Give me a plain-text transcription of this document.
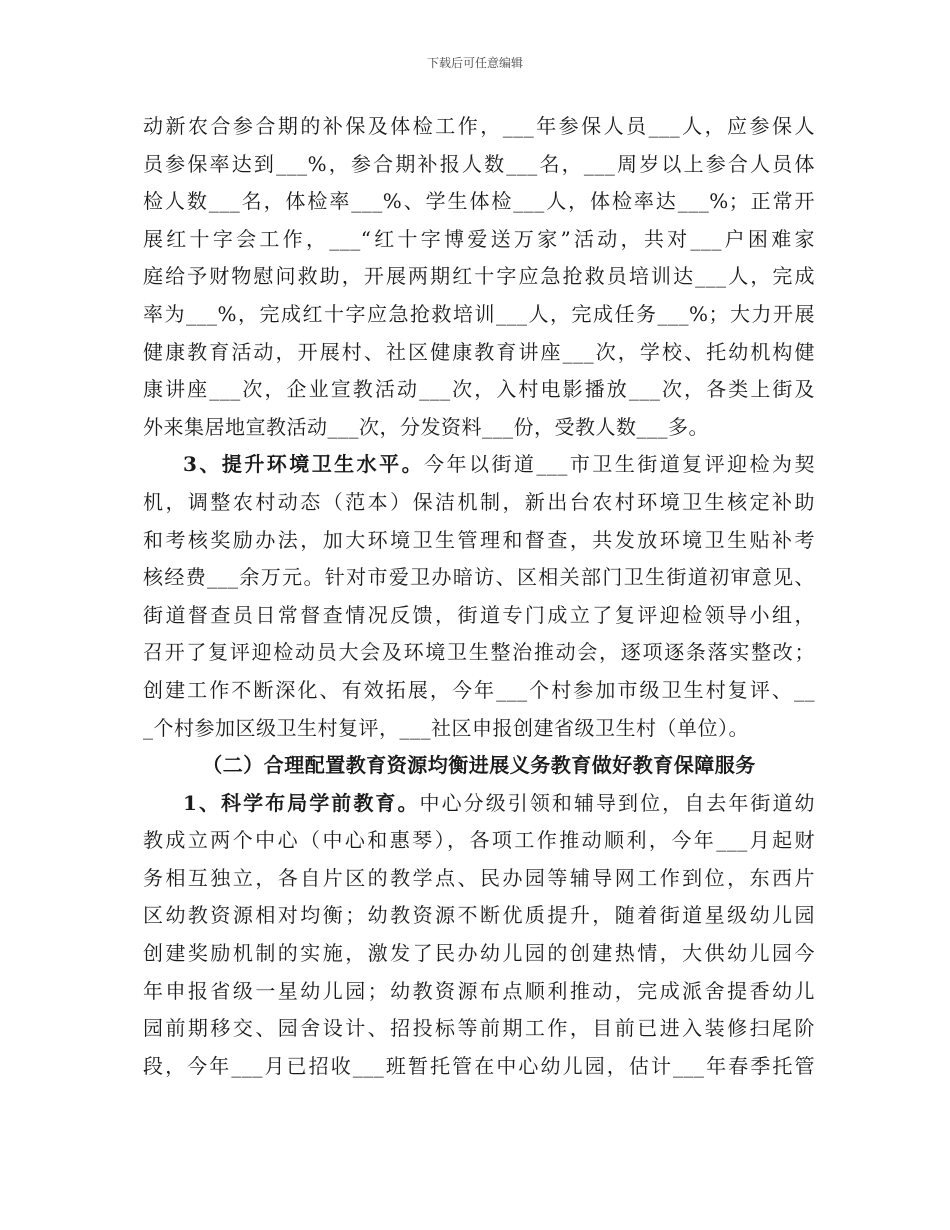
下载后可任意编辑
动新农合参合期的补保及体检工作，___年参保人员___人，应参保人
员参保率达到___%，参合期补报人数___名，___周岁以上参合人员体
检人数___名，体检率___%、学生体检___人，体检率达___%；正常开
展红十字会工作，___“红十字博爱送万家”活动，共对___户困难家
庭给予财物慰问救助，开展两期红十字应急抢救员培训达___人，完成
率为___%，完成红十字应急抢救培训___人，完成任务___%；大力开展
健康教育活动，开展村、社区健康教育讲座___次，学校、托幼机构健
康讲座___次，企业宣教活动___次，入村电影播放___次，各类上街及
外来集居地宣教活动___次，分发资料___份，受教人数___多。
3、提升环境卫生水平。今年以街道___市卫生街道复评迎检为契
机，调整农村动态（范本）保洁机制，新出台农村环境卫生核定补助
和考核奖励办法，加大环境卫生管理和督查，共发放环境卫生贴补考
核经费___余万元。针对市爱卫办暗访、区相关部门卫生街道初审意见、
街道督查员日常督查情况反馈，街道专门成立了复评迎检领导小组，
召开了复评迎检动员大会及环境卫生整治推动会，逐项逐条落实整改；
创建工作不断深化、有效拓展，今年___个村参加市级卫生村复评、__
_个村参加区级卫生村复评，___社区申报创建省级卫生村（单位）。
（二）合理配置教育资源均衡进展义务教育做好教育保障服务
1、科学布局学前教育。中心分级引领和辅导到位，自去年街道幼
教成立两个中心（中心和惠琴），各项工作推动顺利，今年___月起财
务相互独立，各自片区的教学点、民办园等辅导网工作到位，东西片
区幼教资源相对均衡；幼教资源不断优质提升，随着街道星级幼儿园
创建奖励机制的实施，激发了民办幼儿园的创建热情，大供幼儿园今
年申报省级一星幼儿园；幼教资源布点顺利推动，完成派舍提香幼儿
园前期移交、园舍设计、招投标等前期工作，目前已进入装修扫尾阶
段，今年___月已招收___班暂托管在中心幼儿园，估计___年春季托管
